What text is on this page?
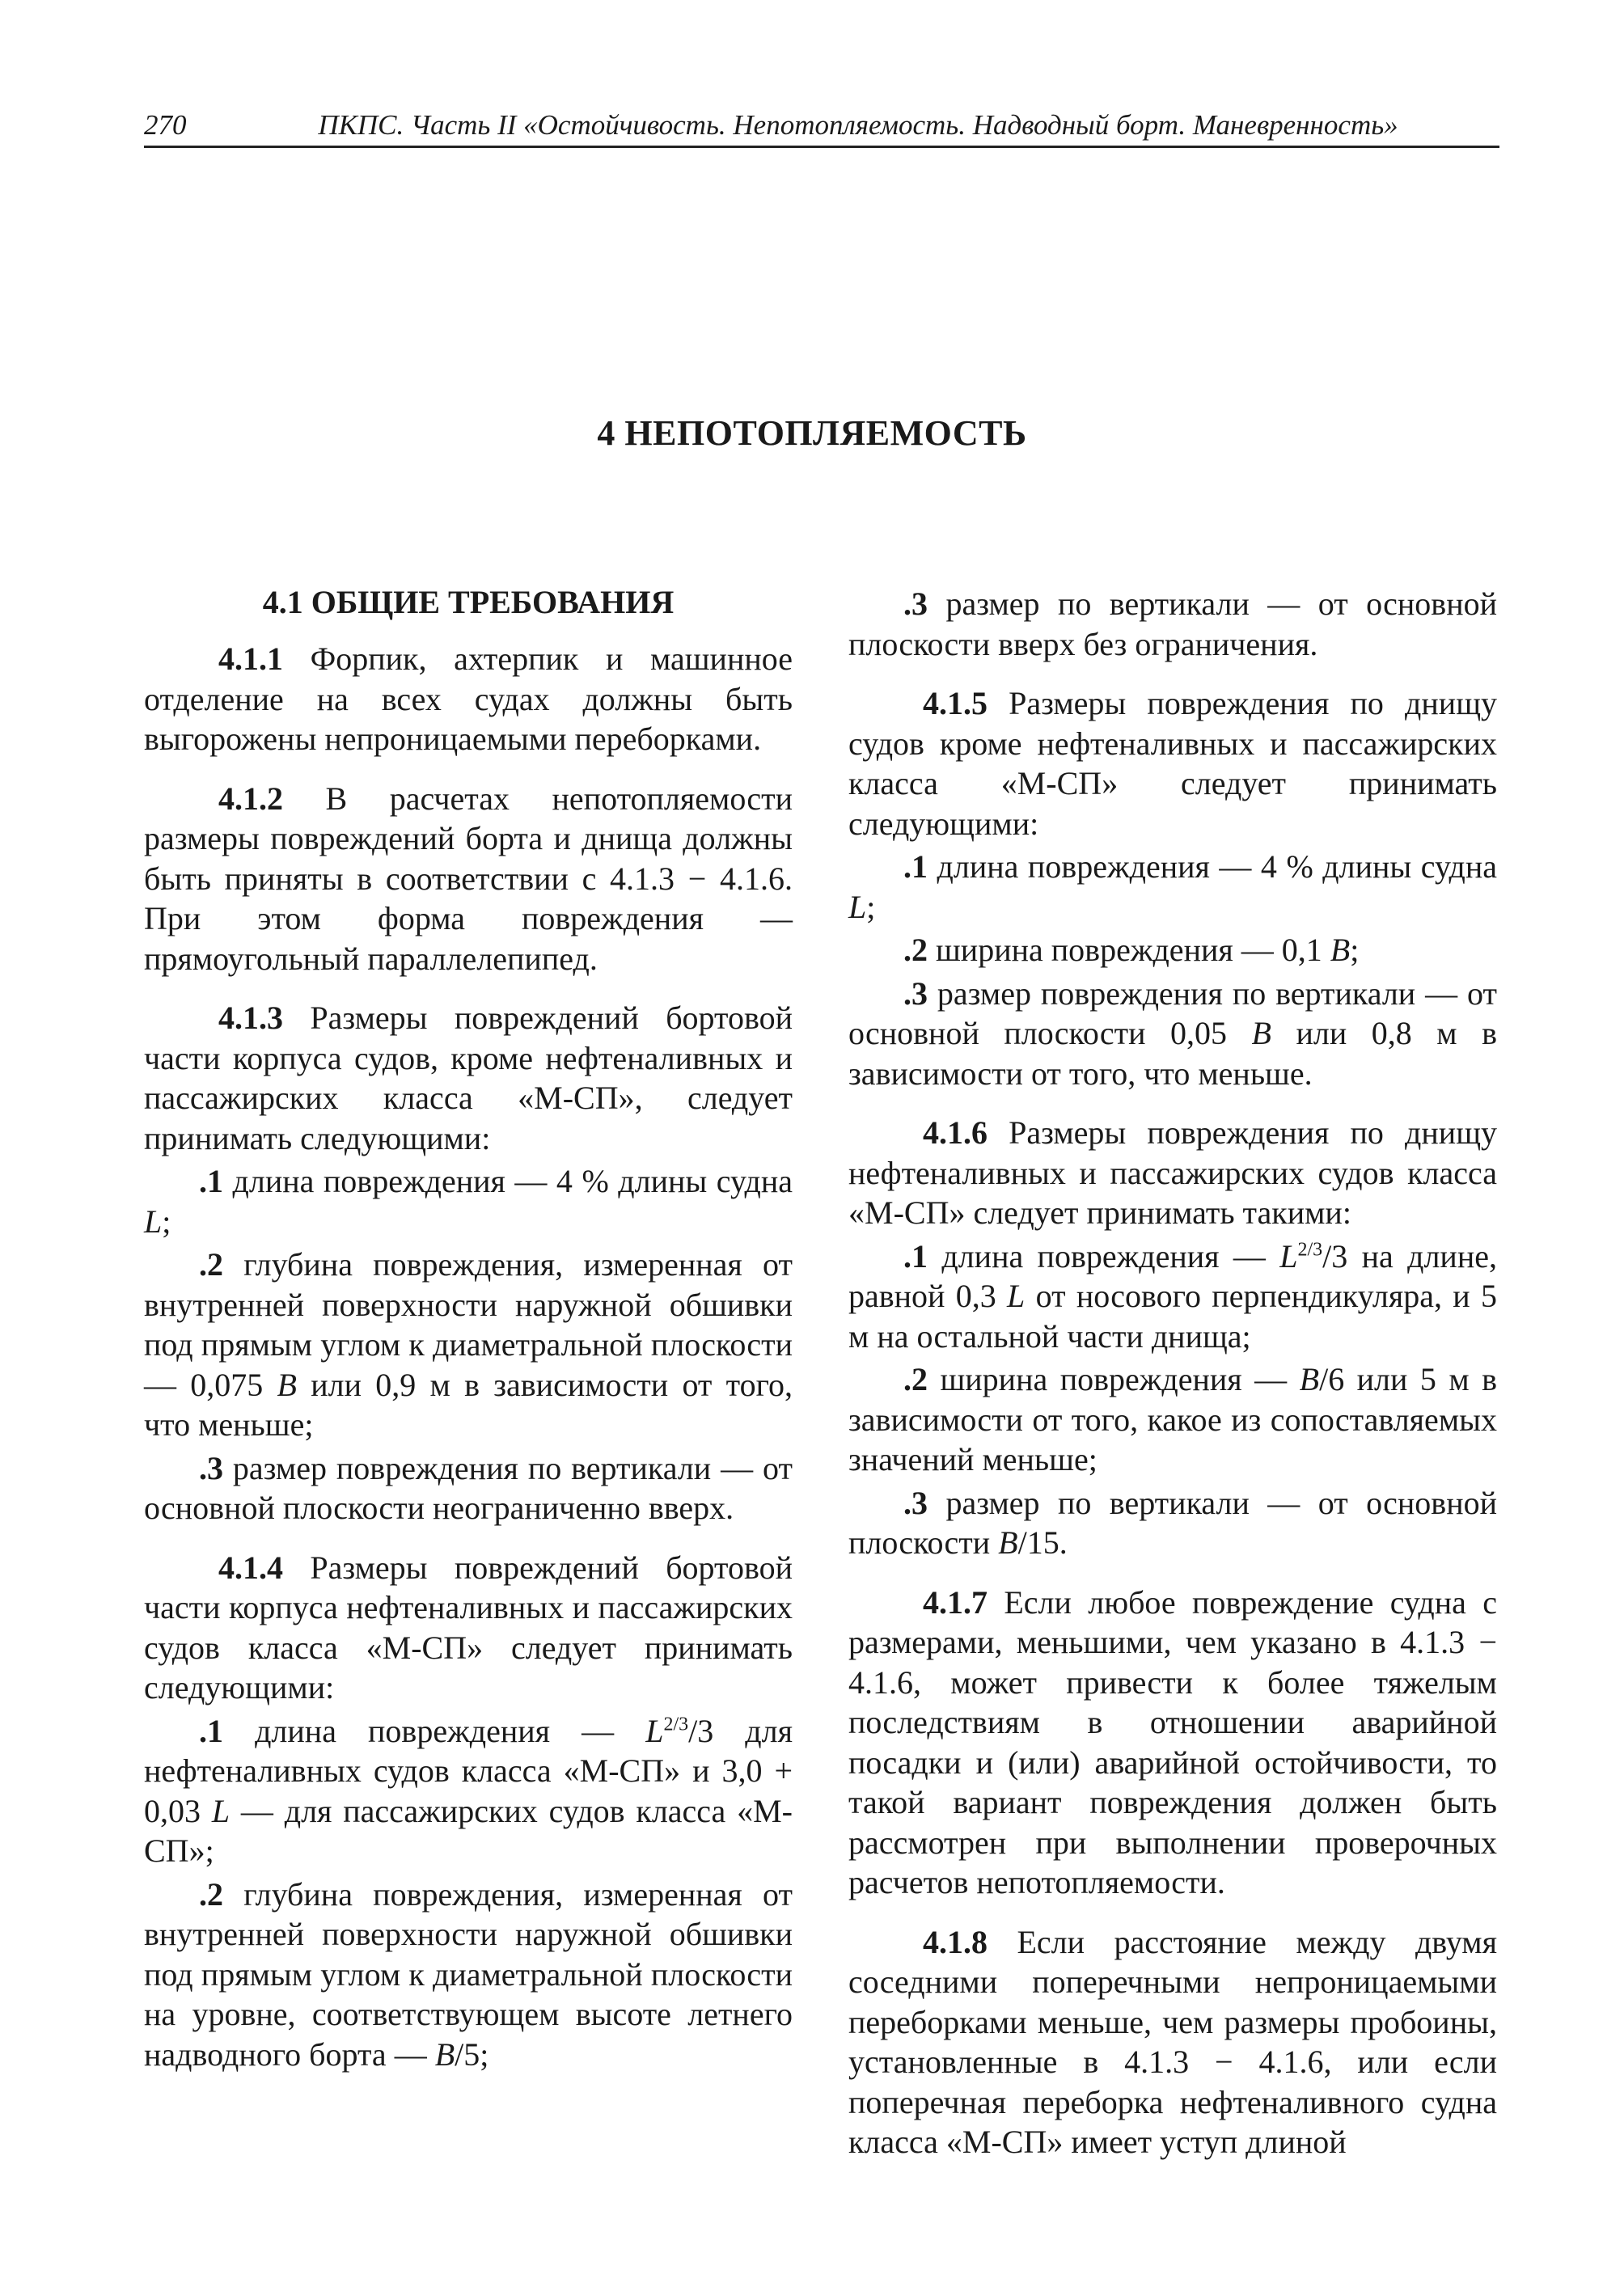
270	ПКПС. Часть II «Остойчивость. Непотопляемость. Надводный борт. Маневренность»
4 НЕПОТОПЛЯЕМОСТЬ
4.1 ОБЩИЕ ТРЕБОВАНИЯ

4.1.1 Форпик, ахтерпик и машинное отделение на всех судах должны быть выгорожены непроницаемыми переборками.

4.1.2 В расчетах непотопляемости размеры повреждений борта и днища должны быть приняты в соответствии с 4.1.3 − 4.1.6. При этом форма повреждения — прямоугольный параллелепипед.

4.1.3 Размеры повреждений бортовой части корпуса судов, кроме нефтеналивных и пассажирских класса «М-СП», следует принимать следующими:

.1 длина повреждения — 4 % длины судна L;

.2 глубина повреждения, измеренная от внутренней поверхности наружной обшивки под прямым углом к диаметральной плоскости — 0,075 B или 0,9 м в зависимости от того, что меньше;

.3 размер повреждения по вертикали — от основной плоскости неограниченно вверх.

4.1.4 Размеры повреждений бортовой части корпуса нефтеналивных и пассажирских судов класса «М-СП» следует принимать следующими:

.1 длина повреждения — $L^{2/3}/3$ для нефтеналивных судов класса «М-СП» и 3,0 + 0,03 L — для пассажирских судов класса «М-СП»;

.2 глубина повреждения, измеренная от внутренней поверхности наружной обшивки под прямым углом к диаметральной плоскости на уровне, соответствующем высоте летнего надводного борта — B/5;

.3 размер по вертикали — от основной плоскости вверх без ограничения.

4.1.5 Размеры повреждения по днищу судов кроме нефтеналивных и пассажирских класса «М-СП» следует принимать следующими:

.1 длина повреждения — 4 % длины судна L;

.2 ширина повреждения — 0,1 B;

.3 размер повреждения по вертикали — от основной плоскости 0,05 B или 0,8 м в зависимости от того, что меньше.

4.1.6 Размеры повреждения по днищу нефтеналивных и пассажирских судов класса «М-СП» следует принимать такими:

.1 длина повреждения — $L^{2/3}/3$ на длине, равной 0,3 L от носового перпендикуляра, и 5 м на остальной части днища;

.2 ширина повреждения — B/6 или 5 м в зависимости от того, какое из сопоставляемых значений меньше;

.3 размер по вертикали — от основной плоскости B/15.

4.1.7 Если любое повреждение судна с размерами, меньшими, чем указано в 4.1.3 − 4.1.6, может привести к более тяжелым последствиям в отношении аварийной посадки и (или) аварийной остойчивости, то такой вариант повреждения должен быть рассмотрен при выполнении проверочных расчетов непотопляемости.

4.1.8 Если расстояние между двумя соседними поперечными непроницаемыми переборками меньше, чем размеры пробоины, установленные в 4.1.3 − 4.1.6, или если поперечная переборка нефтеналивного судна класса «М-СП» имеет уступ длиной
